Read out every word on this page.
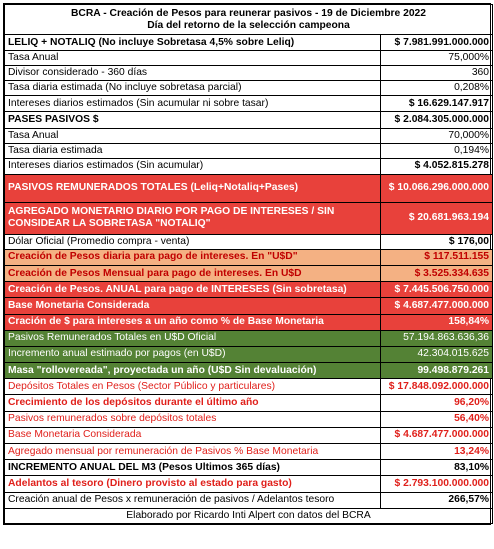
BCRA - Creación de Pesos para reunerar pasivos - 19 de Diciembre 2022
Día del retorno de la selección campeona	

LELIQ + NOTALIQ (No incluye Sobretasa 4,5% sobre Leliq)	$ 7.981.991.000.000
Tasa Anual	75,000%
Divisor considerado - 360 días	360
Tasa diaria estimada (No incluye sobretasa parcial)	0,208%
Intereses diarios estimados (Sin acumular ni sobre tasar)	$ 16.629.147.917
PASES PASIVOS $	$ 2.084.305.000.000
Tasa Anual	70,000%
Tasa diaria estimada	0,194%
Intereses diarios estimados (Sin acumular)	$ 4.052.815.278
PASIVOS REMUNERADOS TOTALES (Leliq+Notaliq+Pases)	$ 10.066.296.000.000
AGREGADO MONETARIO DIARIO POR PAGO DE INTERESES / SIN CONSIDEAR LA SOBRETASA "NOTALIQ"	$ 20.681.963.194
Dólar Oficial (Promedio compra - venta)	$ 176,00
Creación de Pesos diaria para pago de intereses. En "U$D"	$ 117.511.155
Creación de Pesos Mensual para pago de intereses. En U$D	$ 3.525.334.635
Creación de Pesos. ANUAL para pago de INTERESES (Sin sobretasa)	$ 7.445.506.750.000
Base Monetaria Considerada	$ 4.687.477.000.000
Cración de $ para intereses a un año como % de Base Monetaria	158,84%
Pasivos Remunerados Totales en U$D Oficial	57.194.863.636,36
Incremento anual estimado por pagos (en U$D)	42.304.015.625
Masa "rollovereada", proyectada un año (U$D Sin devaluación)	99.498.879.261
Depósitos Totales en Pesos (Sector Público y particulares)	$ 17.848.092.000.000
Crecimiento de los depósitos durante el último año	96,20%
Pasivos remunerados sobre depósitos totales	56,40%
Base Monetaria Considerada	$ 4.687.477.000.000
Agregado mensual por remuneración de Pasivos % Base Monetaria	13,24%
INCREMENTO ANUAL DEL M3 (Pesos Ultimos 365 días)	83,10%
Adelantos al tesoro (Dinero provisto al estado para gasto)	$ 2.793.100.000.000
Creación anual de Pesos x remuneración de pasivos / Adelantos tesoro	266,57%
Elaborado por Ricardo Inti Alpert con datos del BCRA	
